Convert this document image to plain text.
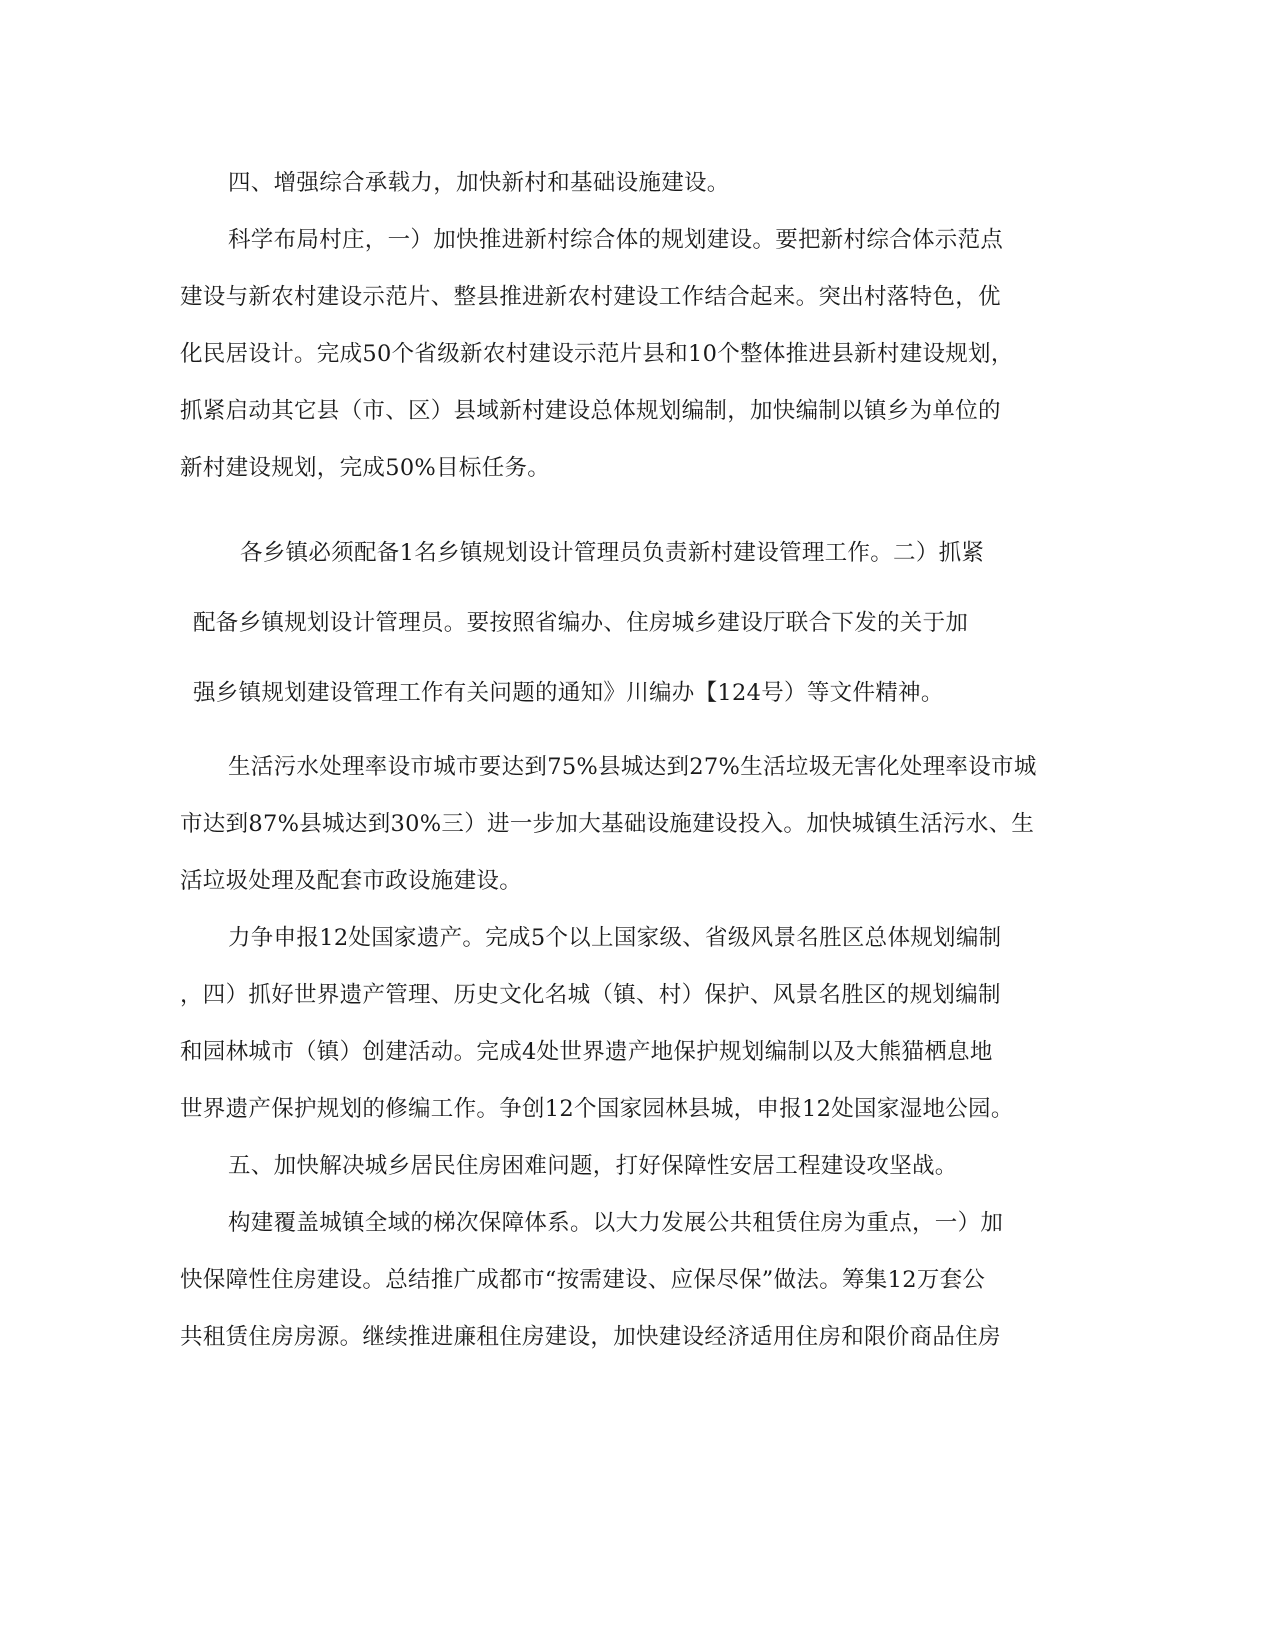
四、增强综合承载力，加快新村和基础设施建设。
科学布局村庄，一）加快推进新村综合体的规划建设。要把新村综合体示范点
建设与新农村建设示范片、整县推进新农村建设工作结合起来。突出村落特色，优
化民居设计。完成50个省级新农村建设示范片县和10个整体推进县新村建设规划，
抓紧启动其它县（市、区）县域新村建设总体规划编制，加快编制以镇乡为单位的
新村建设规划，完成50%目标任务。
各乡镇必须配备1名乡镇规划设计管理员负责新村建设管理工作。二）抓紧
配备乡镇规划设计管理员。要按照省编办、住房城乡建设厅联合下发的关于加
强乡镇规划建设管理工作有关问题的通知》川编办【124号）等文件精神。
生活污水处理率设市城市要达到75%县城达到27%生活垃圾无害化处理率设市城
市达到87%县城达到30%三）进一步加大基础设施建设投入。加快城镇生活污水、生
活垃圾处理及配套市政设施建设。
力争申报12处国家遗产。完成5个以上国家级、省级风景名胜区总体规划编制
，四）抓好世界遗产管理、历史文化名城（镇、村）保护、风景名胜区的规划编制
和园林城市（镇）创建活动。完成4处世界遗产地保护规划编制以及大熊猫栖息地
世界遗产保护规划的修编工作。争创12个国家园林县城，申报12处国家湿地公园。
五、加快解决城乡居民住房困难问题，打好保障性安居工程建设攻坚战。
构建覆盖城镇全域的梯次保障体系。以大力发展公共租赁住房为重点，一）加
快保障性住房建设。总结推广成都市“按需建设、应保尽保”做法。筹集12万套公
共租赁住房房源。继续推进廉租住房建设，加快建设经济适用住房和限价商品住房
